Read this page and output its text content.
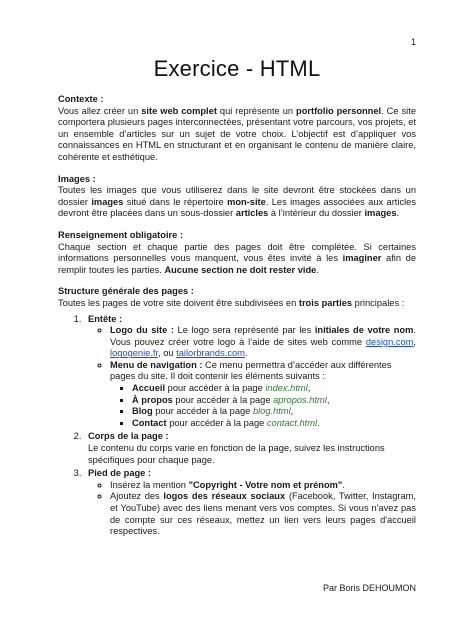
1
Exercice - HTML
Contexte :
Vous allez créer un site web complet qui représente un portfolio personnel. Ce site comportera plusieurs pages interconnectées, présentant votre parcours, vos projets, et un ensemble d’articles sur un sujet de votre choix. L’objectif est d’appliquer vos connaissances en HTML en structurant et en organisant le contenu de manière claire, cohérente et esthétique.
Images :
Toutes les images que vous utiliserez dans le site devront être stockées dans un dossier images situé dans le répertoire mon-site. Les images associées aux articles devront être placées dans un sous-dossier articles à l’intérieur du dossier images.
Renseignement obligatoire :
Chaque section et chaque partie des pages doit être complétée. Si certaines informations personnelles vous manquent, vous êtes invité à les imaginer afin de remplir toutes les parties. Aucune section ne doit rester vide.
Structure générale des pages :
Toutes les pages de votre site doivent être subdivisées en trois parties principales :
1. Entête :
◦ Logo du site : Le logo sera représenté par les initiales de votre nom. Vous pouvez créer votre logo à l’aide de sites web comme design.com, logogenie.fr, ou tailorbrands.com.
◦ Menu de navigation : Ce menu permettra d’accéder aux différentes pages du site. Il doit contenir les éléments suivants :
▪ Accueil pour accéder à la page index.html,
▪ À propos pour accéder à la page apropos.html,
▪ Blog pour accéder à la page blog.html,
▪ Contact pour accéder à la page contact.html.
2. Corps de la page :
Le contenu du corps varie en fonction de la page, suivez les instructions spécifiques pour chaque page.
3. Pied de page :
◦ Insérez la mention "Copyright - Votre nom et prénom".
◦ Ajoutez des logos des réseaux sociaux (Facebook, Twitter, Instagram, et YouTube) avec des liens menant vers vos comptes. Si vous n'avez pas de compte sur ces réseaux, mettez un lien vers leurs pages d'accueil respectives.
Par Boris DEHOUMON
